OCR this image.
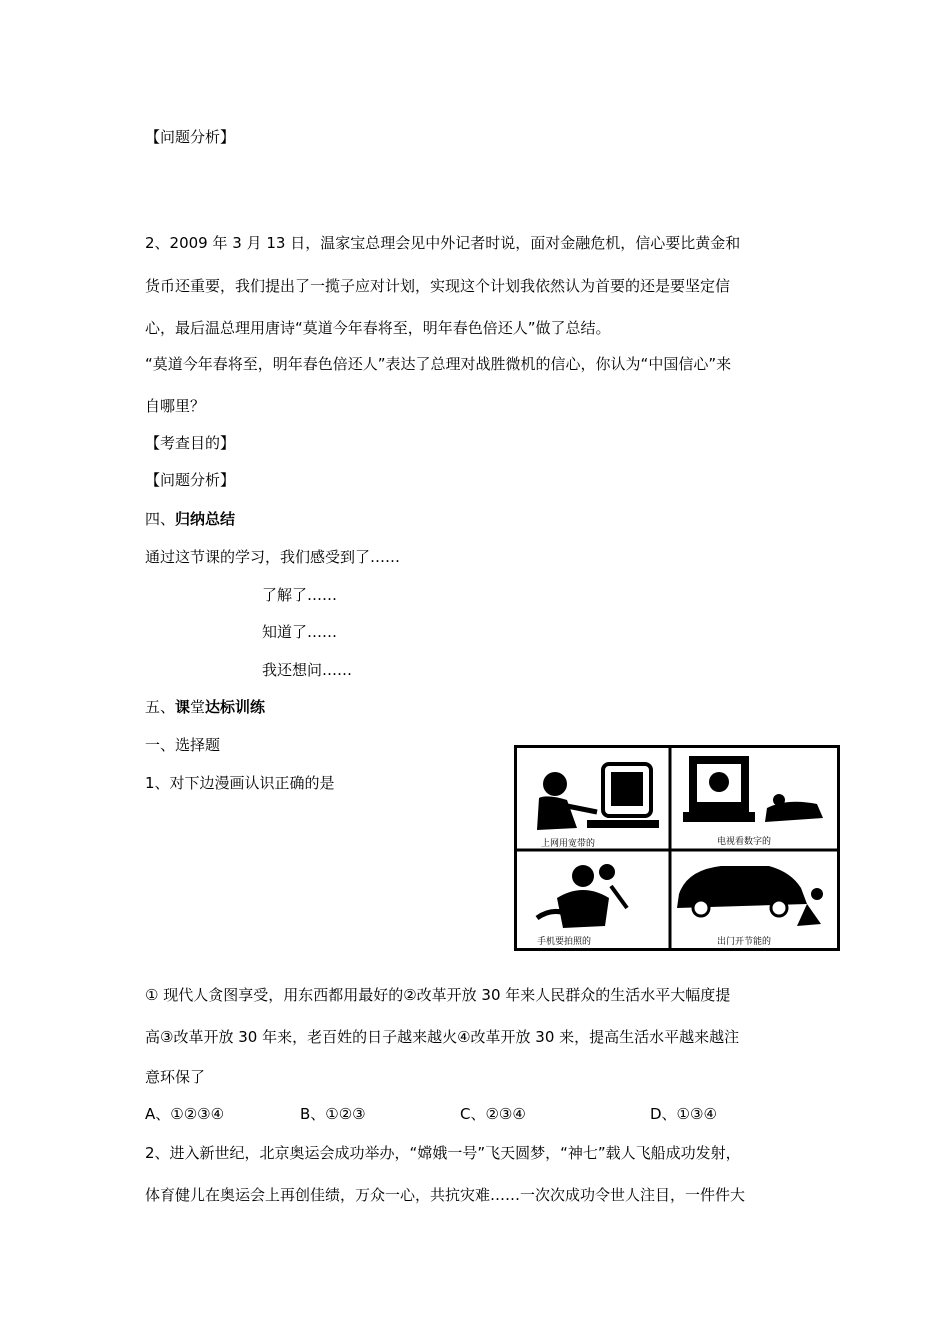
【问题分析】
2、2009 年 3 月 13 日，温家宝总理会见中外记者时说，面对金融危机，信心要比黄金和
货币还重要，我们提出了一揽子应对计划，实现这个计划我依然认为首要的还是要坚定信
心，最后温总理用唐诗“莫道今年春将至，明年春色倍还人”做了总结。
“莫道今年春将至，明年春色倍还人”表达了总理对战胜微机的信心，你认为“中国信心”来
自哪里？
【考查目的】
【问题分析】
四、归纳总结
通过这节课的学习，我们感受到了……
了解了……
知道了……
我还想问……
五、课堂达标训练
一、选择题
1、对下边漫画认识正确的是
上网用宽带的	电视看数字的
手机要拍照的	出门开节能的
① 现代人贪图享受，用东西都用最好的②改革开放 30 年来人民群众的生活水平大幅度提
高③改革开放 30 年来，老百姓的日子越来越火④改革开放 30 来，提高生活水平越来越注
意环保了
A、①②③④	B、①②③	C、②③④	D、①③④
2、进入新世纪，北京奥运会成功举办，“嫦娥一号”飞天圆梦，“神七”载人飞船成功发射，
体育健儿在奥运会上再创佳绩，万众一心，共抗灾难……一次次成功令世人注目，一件件大
